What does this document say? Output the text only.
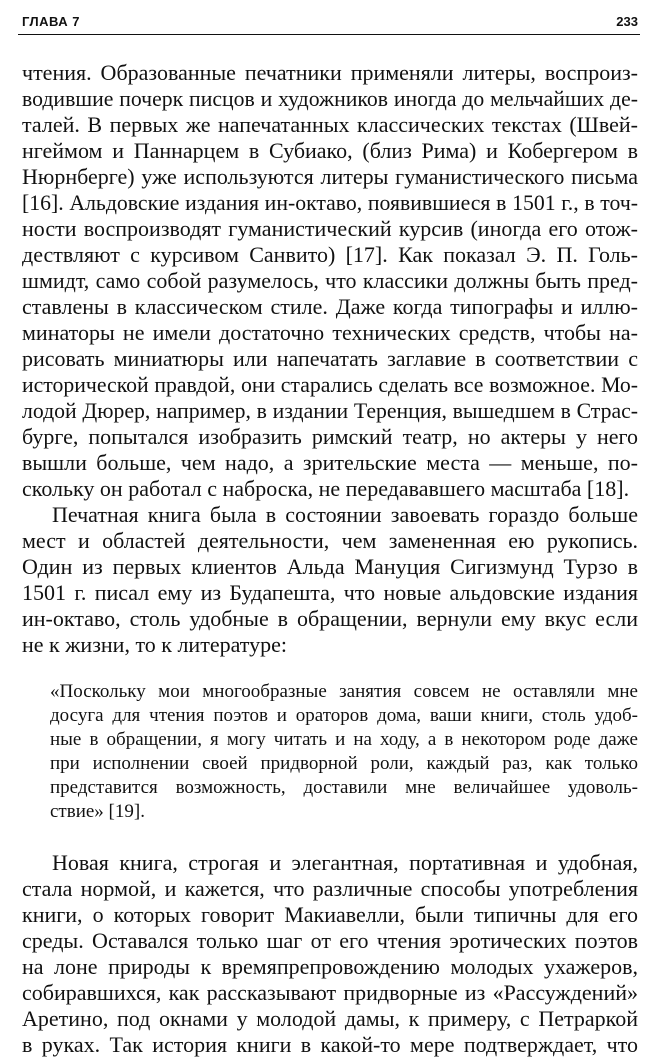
ГЛАВА 7	233
чтения. Образованные печатники применяли литеры, воспроиз-
водившие почерк писцов и художников иногда до мельчайших де-
талей. В первых же напечатанных классических текстах (Швей-
нгеймом и Паннарцем в Субиако, (близ Рима) и Кобергером в
Нюрнберге) уже используются литеры гуманистического письма
[16]. Альдовские издания ин-октаво, появившиеся в 1501 г., в точ-
ности воспроизводят гуманистический курсив (иногда его отож-
дествляют с курсивом Санвито) [17]. Как показал Э. П. Голь-
шмидт, само собой разумелось, что классики должны быть пред-
ставлены в классическом стиле. Даже когда типографы и иллю-
минаторы не имели достаточно технических средств, чтобы на-
рисовать миниатюры или напечатать заглавие в соответствии с
исторической правдой, они старались сделать все возможное. Мо-
лодой Дюрер, например, в издании Теренция, вышедшем в Страс-
бурге, попытался изобразить римский театр, но актеры у него
вышли больше, чем надо, а зрительские места — меньше, по-
скольку он работал с наброска, не передававшего масштаба [18].
Печатная книга была в состоянии завоевать гораздо больше
мест и областей деятельности, чем замененная ею рукопись.
Один из первых клиентов Альда Мануция Сигизмунд Турзо в
1501 г. писал ему из Будапешта, что новые альдовские издания
ин-октаво, столь удобные в обращении, вернули ему вкус если
не к жизни, то к литературе:
«Поскольку мои многообразные занятия совсем не оставляли мне
досуга для чтения поэтов и ораторов дома, ваши книги, столь удоб-
ные в обращении, я могу читать и на ходу, а в некотором роде даже
при исполнении своей придворной роли, каждый раз, как только
представится возможность, доставили мне величайшее удоволь-
ствие» [19].
Новая книга, строгая и элегантная, портативная и удобная,
стала нормой, и кажется, что различные способы употребления
книги, о которых говорит Макиавелли, были типичны для его
среды. Оставался только шаг от его чтения эротических поэтов
на лоне природы к времяпрепровождению молодых ухажеров,
собиравшихся, как рассказывают придворные из «Рассуждений»
Аретино, под окнами у молодой дамы, к примеру, с Петраркой
в руках. Так история книги в какой-то мере подтверждает, что
